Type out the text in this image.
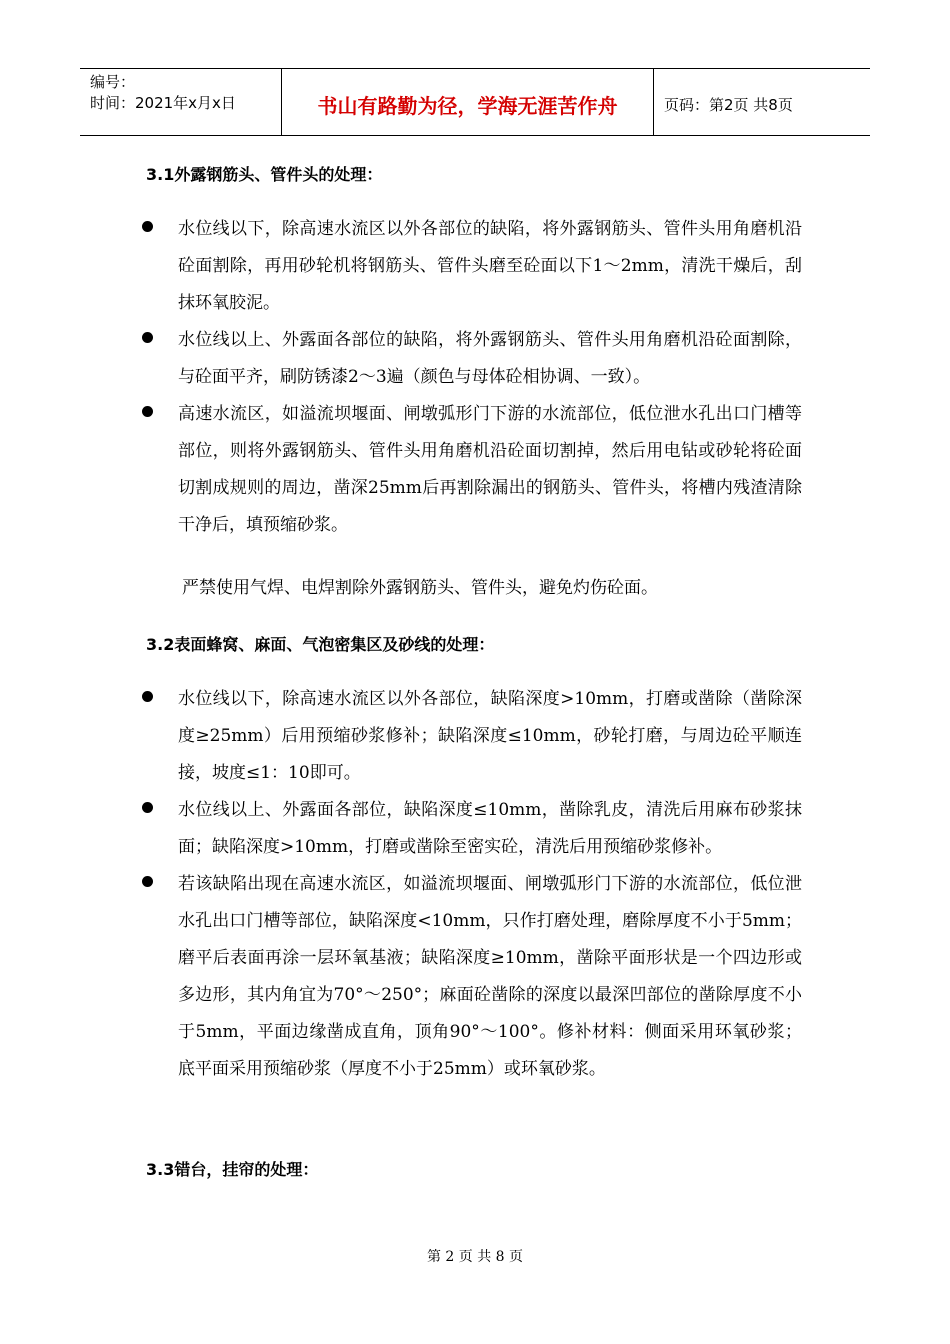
编号：
时间：2021年x月x日	书山有路勤为径，学海无涯苦作舟	页码：第2页 共8页
3.1外露钢筋头、管件头的处理：
水位线以下，除高速水流区以外各部位的缺陷，将外露钢筋头、管件头用角磨机沿砼面割除，再用砂轮机将钢筋头、管件头磨至砼面以下1～2mm，清洗干燥后，刮抹环氧胶泥。
水位线以上、外露面各部位的缺陷，将外露钢筋头、管件头用角磨机沿砼面割除，与砼面平齐，刷防锈漆2～3遍（颜色与母体砼相协调、一致）。
高速水流区，如溢流坝堰面、闸墩弧形门下游的水流部位，低位泄水孔出口门槽等部位，则将外露钢筋头、管件头用角磨机沿砼面切割掉，然后用电钻或砂轮将砼面切割成规则的周边，凿深25mm后再割除漏出的钢筋头、管件头，将槽内残渣清除干净后，填预缩砂浆。
严禁使用气焊、电焊割除外露钢筋头、管件头，避免灼伤砼面。
3.2表面蜂窝、麻面、气泡密集区及砂线的处理：
水位线以下，除高速水流区以外各部位，缺陷深度>10mm，打磨或凿除（凿除深度≥25mm）后用预缩砂浆修补；缺陷深度≤10mm，砂轮打磨，与周边砼平顺连接，坡度≤1：10即可。
水位线以上、外露面各部位，缺陷深度≤10mm，凿除乳皮，清洗后用麻布砂浆抹面；缺陷深度>10mm，打磨或凿除至密实砼，清洗后用预缩砂浆修补。
若该缺陷出现在高速水流区，如溢流坝堰面、闸墩弧形门下游的水流部位，低位泄水孔出口门槽等部位，缺陷深度<10mm，只作打磨处理，磨除厚度不小于5mm；磨平后表面再涂一层环氧基液；缺陷深度≥10mm，凿除平面形状是一个四边形或多边形，其内角宜为70°～250°；麻面砼凿除的深度以最深凹部位的凿除厚度不小于5mm，平面边缘凿成直角，顶角90°～100°。修补材料：侧面采用环氧砂浆；底平面采用预缩砂浆（厚度不小于25mm）或环氧砂浆。
3.3错台，挂帘的处理：
第 2 页 共 8 页
